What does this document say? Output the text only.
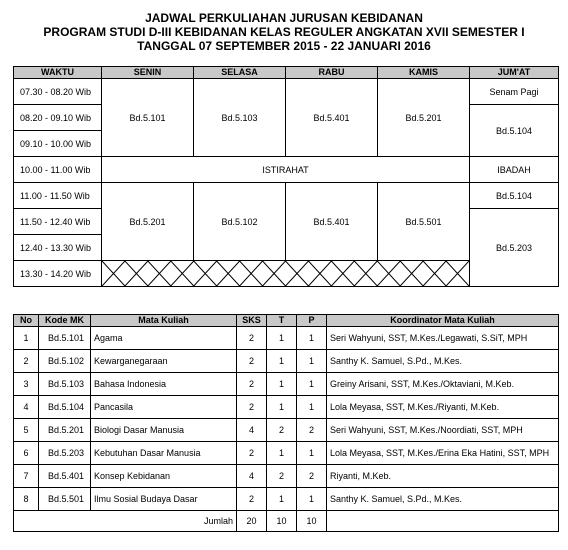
JADWAL PERKULIAHAN JURUSAN KEBIDANAN
PROGRAM STUDI D-III KEBIDANAN KELAS REGULER ANGKATAN XVII SEMESTER I
TANGGAL 07 SEPTEMBER 2015 - 22 JANUARI 2016
WAKTU	SENIN	SELASA	RABU	KAMIS	JUM'AT
07.30 - 08.20 Wib	Bd.5.101	Bd.5.103	Bd.5.401	Bd.5.201	Senam Pagi
08.20 - 09.10 Wib					Bd.5.104
09.10 - 10.00 Wib					
10.00 - 11.00 Wib	ISTIRAHAT				IBADAH
11.00 - 11.50 Wib	Bd.5.201	Bd.5.102	Bd.5.401	Bd.5.501	Bd.5.104
11.50 - 12.40 Wib					Bd.5.203
12.40 - 13.30 Wib					
13.30 - 14.20 Wib	
No	Kode MK	Mata Kuliah	SKS	T	P	Koordinator Mata Kuliah
1	Bd.5.101	Agama	2	1	1	Seri Wahyuni, SST, M.Kes./Legawati, S.SiT, MPH
2	Bd.5.102	Kewarganegaraan	2	1	1	Santhy K. Samuel, S.Pd., M.Kes.
3	Bd.5.103	Bahasa Indonesia	2	1	1	Greiny Arisani, SST, M.Kes./Oktaviani, M.Keb.
4	Bd.5.104	Pancasila	2	1	1	Lola Meyasa, SST, M.Kes./Riyanti, M.Keb.
5	Bd.5.201	Biologi Dasar Manusia	4	2	2	Seri Wahyuni, SST, M.Kes./Noordiati, SST, MPH
6	Bd.5.203	Kebutuhan Dasar Manusia	2	1	1	Lola Meyasa, SST, M.Kes./Erina Eka Hatini, SST, MPH
7	Bd.5.401	Konsep Kebidanan	4	2	2	Riyanti, M.Keb.
8	Bd.5.501	Ilmu Sosial Budaya Dasar	2	1	1	Santhy K. Samuel, S.Pd., M.Kes.
Jumlah			20	10	10	
